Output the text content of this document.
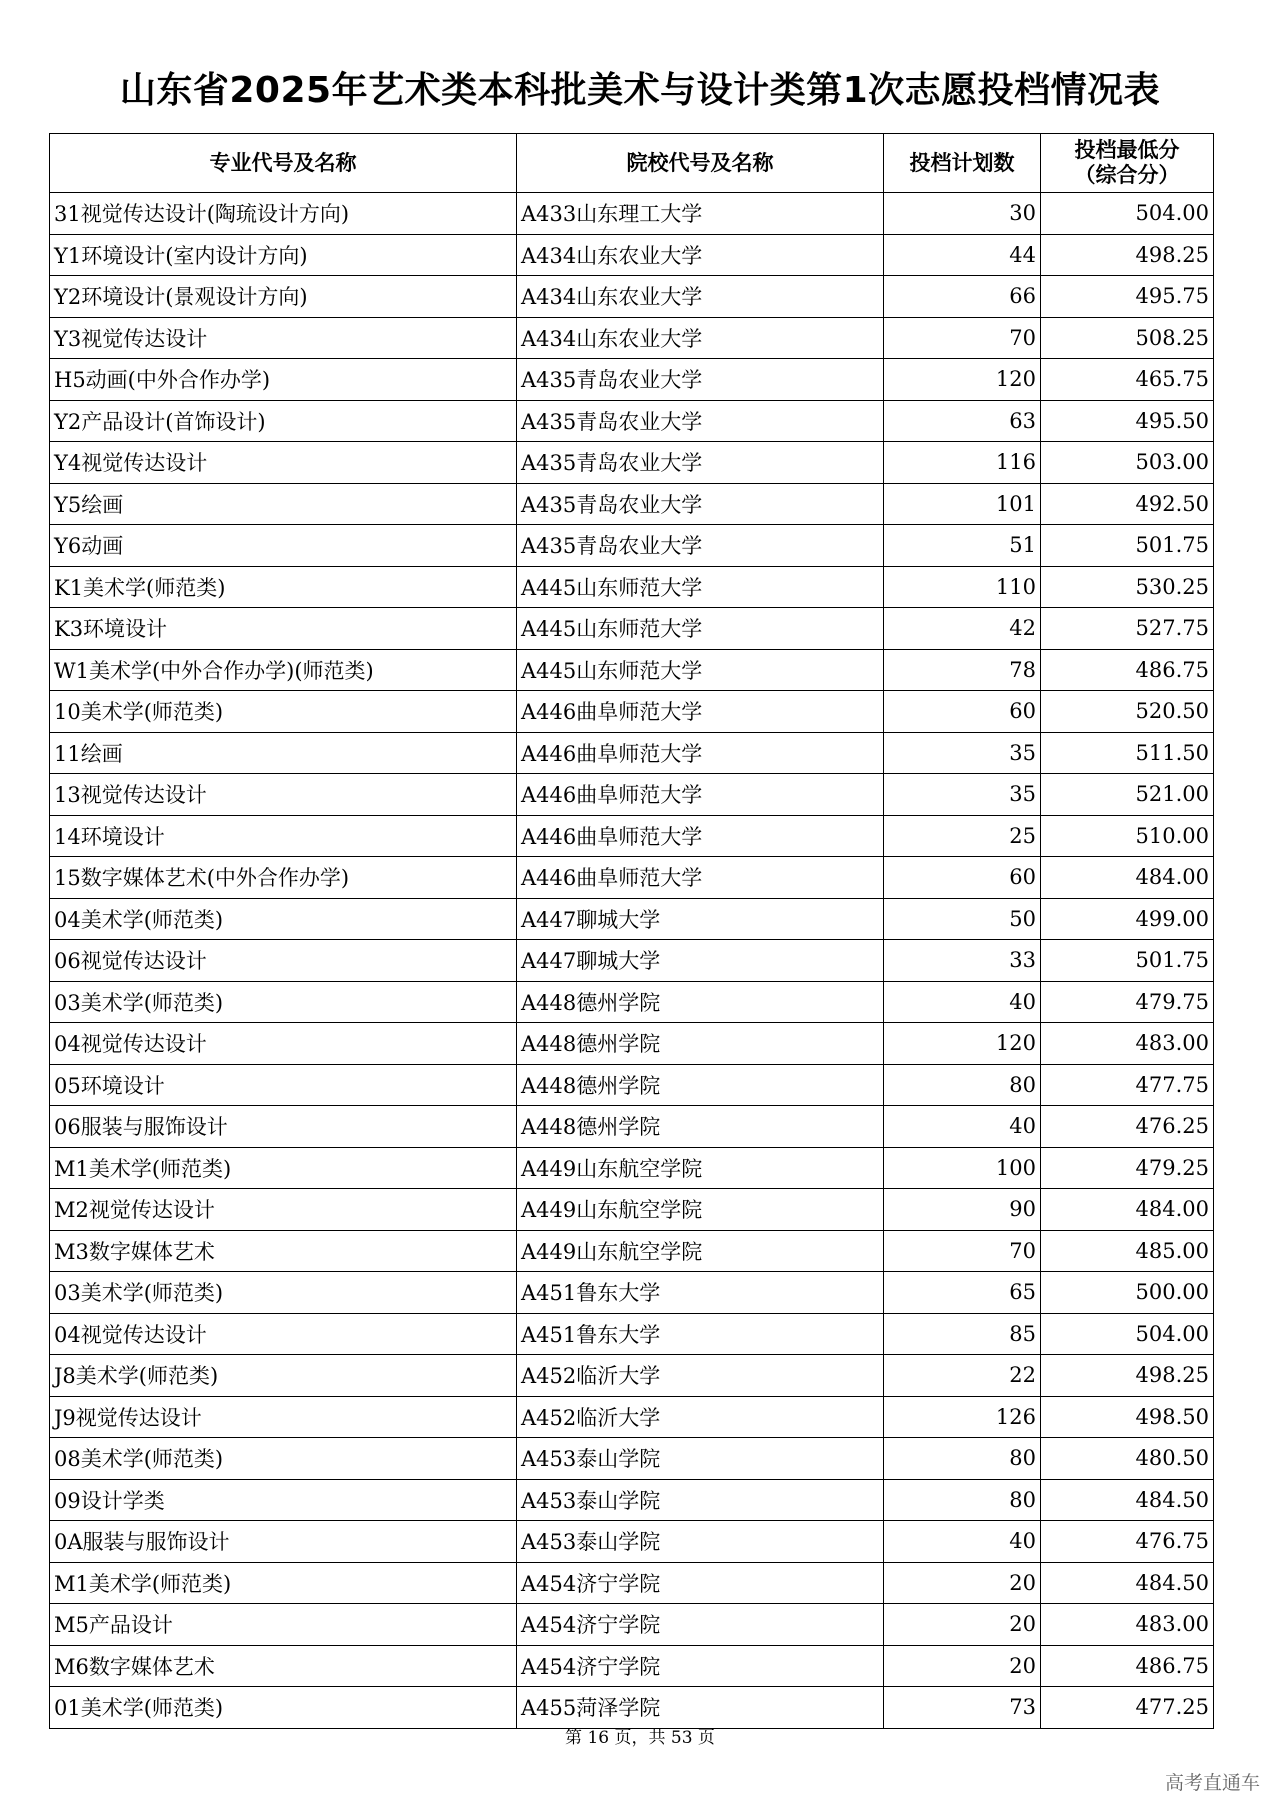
山东省2025年艺术类本科批美术与设计类第1次志愿投档情况表
专业代号及名称	院校代号及名称	投档计划数	投档最低分
（综合分）

31视觉传达设计(陶琉设计方向)	A433山东理工大学	30	504.00
Y1环境设计(室内设计方向)	A434山东农业大学	44	498.25
Y2环境设计(景观设计方向)	A434山东农业大学	66	495.75
Y3视觉传达设计	A434山东农业大学	70	508.25
H5动画(中外合作办学)	A435青岛农业大学	120	465.75
Y2产品设计(首饰设计)	A435青岛农业大学	63	495.50
Y4视觉传达设计	A435青岛农业大学	116	503.00
Y5绘画	A435青岛农业大学	101	492.50
Y6动画	A435青岛农业大学	51	501.75
K1美术学(师范类)	A445山东师范大学	110	530.25
K3环境设计	A445山东师范大学	42	527.75
W1美术学(中外合作办学)(师范类)	A445山东师范大学	78	486.75
10美术学(师范类)	A446曲阜师范大学	60	520.50
11绘画	A446曲阜师范大学	35	511.50
13视觉传达设计	A446曲阜师范大学	35	521.00
14环境设计	A446曲阜师范大学	25	510.00
15数字媒体艺术(中外合作办学)	A446曲阜师范大学	60	484.00
04美术学(师范类)	A447聊城大学	50	499.00
06视觉传达设计	A447聊城大学	33	501.75
03美术学(师范类)	A448德州学院	40	479.75
04视觉传达设计	A448德州学院	120	483.00
05环境设计	A448德州学院	80	477.75
06服装与服饰设计	A448德州学院	40	476.25
M1美术学(师范类)	A449山东航空学院	100	479.25
M2视觉传达设计	A449山东航空学院	90	484.00
M3数字媒体艺术	A449山东航空学院	70	485.00
03美术学(师范类)	A451鲁东大学	65	500.00
04视觉传达设计	A451鲁东大学	85	504.00
J8美术学(师范类)	A452临沂大学	22	498.25
J9视觉传达设计	A452临沂大学	126	498.50
08美术学(师范类)	A453泰山学院	80	480.50
09设计学类	A453泰山学院	80	484.50
0A服装与服饰设计	A453泰山学院	40	476.75
M1美术学(师范类)	A454济宁学院	20	484.50
M5产品设计	A454济宁学院	20	483.00
M6数字媒体艺术	A454济宁学院	20	486.75
01美术学(师范类)	A455菏泽学院	73	477.25
第 16 页，共 53 页
高考直通车
